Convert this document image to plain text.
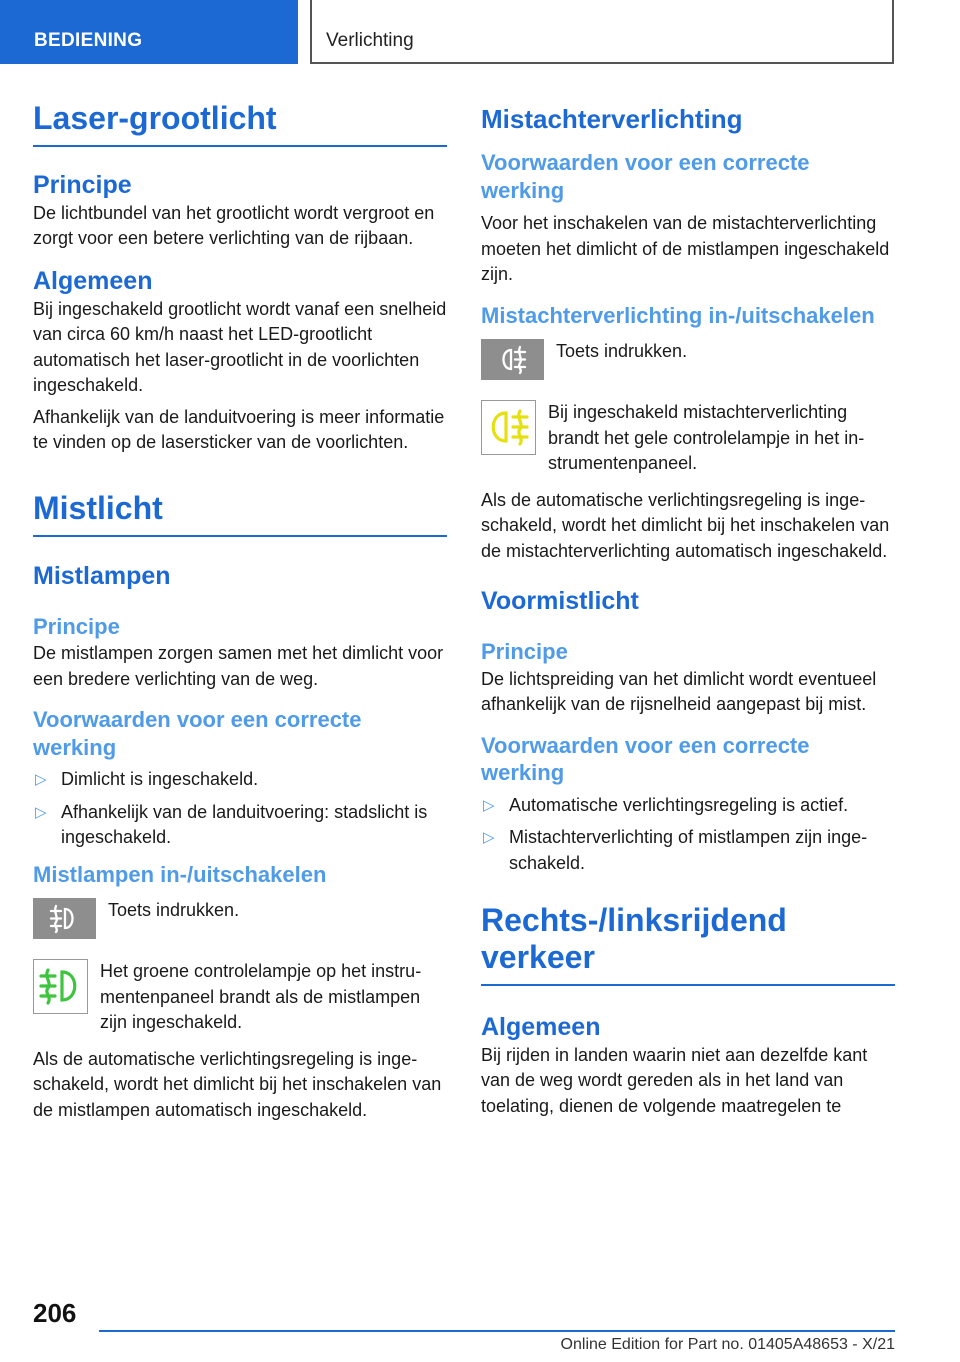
BEDIENING	Verlichting
Laser-grootlicht
Principe

De lichtbundel van het grootlicht wordt vergroot en zorgt voor een betere verlichting van de rijbaan.

Algemeen

Bij ingeschakeld grootlicht wordt vanaf een snelheid van circa 60 km/h naast het LED-grootlicht automatisch het laser-grootlicht in de voorlichten ingeschakeld.

Afhankelijk van de landuitvoering is meer informatie te vinden op de lasersticker van de voorlichten.

Mistlicht
Mistlampen
Principe

De mistlampen zorgen samen met het dimlicht voor een bredere verlichting van de weg.

Voorwaarden voor een correcte werking
▷ Dimlicht is ingeschakeld.
▷ Afhankelijk van de landuitvoering: stadslicht is ingeschakeld.
Mistlampen in-/uitschakelen

Toets indrukken.

Het groene controlelampje op het instrumentenpaneel brandt als de mistlampen zijn ingeschakeld.

Als de automatische verlichtingsregeling is ingeschakeld, wordt het dimlicht bij het inschakelen van de mistlampen automatisch ingeschakeld.

Mistachterverlichting
Voorwaarden voor een correcte werking

Voor het inschakelen van de mistachterverlichting moeten het dimlicht of de mistlampen ingeschakeld zijn.

Mistachterverlichting in-/uitschakelen

Toets indrukken.

Bij ingeschakeld mistachterverlichting brandt het gele controlelampje in het instrumentenpaneel.

Als de automatische verlichtingsregeling is ingeschakeld, wordt het dimlicht bij het inschakelen van de mistachterverlichting automatisch ingeschakeld.

Voormistlicht
Principe

De lichtspreiding van het dimlicht wordt eventueel afhankelijk van de rijsnelheid aangepast bij mist.

Voorwaarden voor een correcte werking
▷ Automatische verlichtingsregeling is actief.
▷ Mistachterverlichting of mistlampen zijn ingeschakeld.
Rechts-/linksrijdend verkeer
Algemeen

Bij rijden in landen waarin niet aan dezelfde kant van de weg wordt gereden als in het land van toelating, dienen de volgende maatregelen te

206
Online Edition for Part no. 01405A48653 - X/21
